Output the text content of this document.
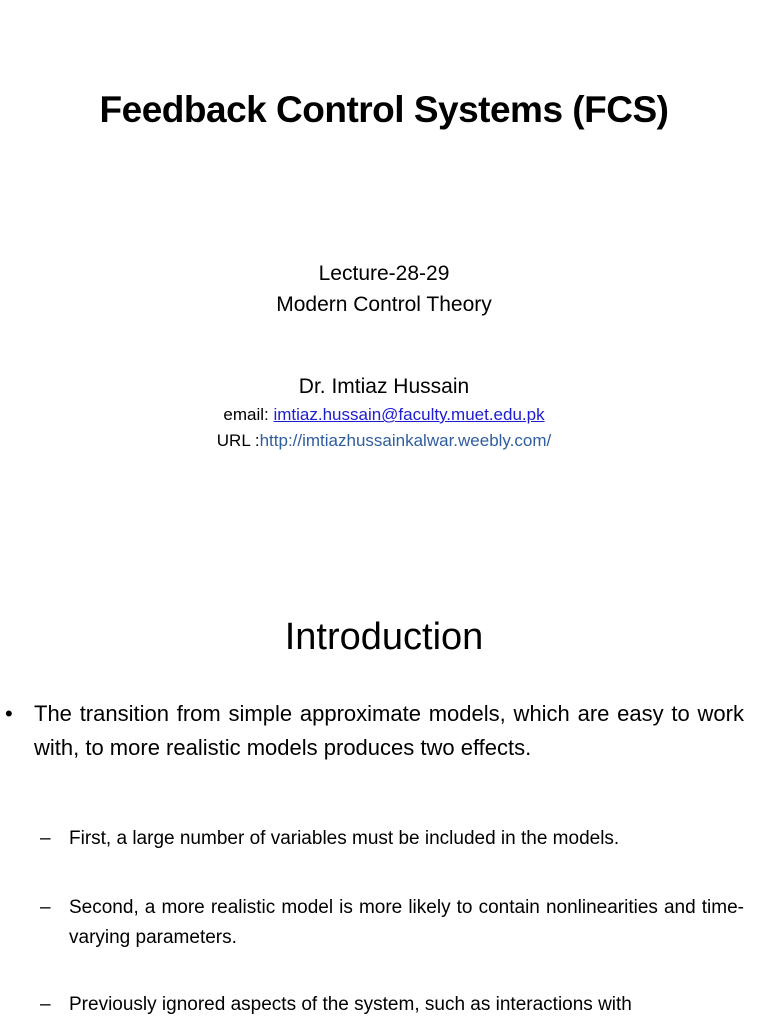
Feedback Control Systems (FCS)
Lecture-28-29
Modern Control Theory
Dr. Imtiaz Hussain
email: imtiaz.hussain@faculty.muet.edu.pk
URL :http://imtiazhussainkalwar.weebly.com/
Introduction
• The transition from simple approximate models, which are easy to work with, to more realistic models produces two effects.
– First, a large number of variables must be included in the models.
– Second, a more realistic model is more likely to contain nonlinearities and time-varying parameters.
– Previously ignored aspects of the system, such as interactions with
